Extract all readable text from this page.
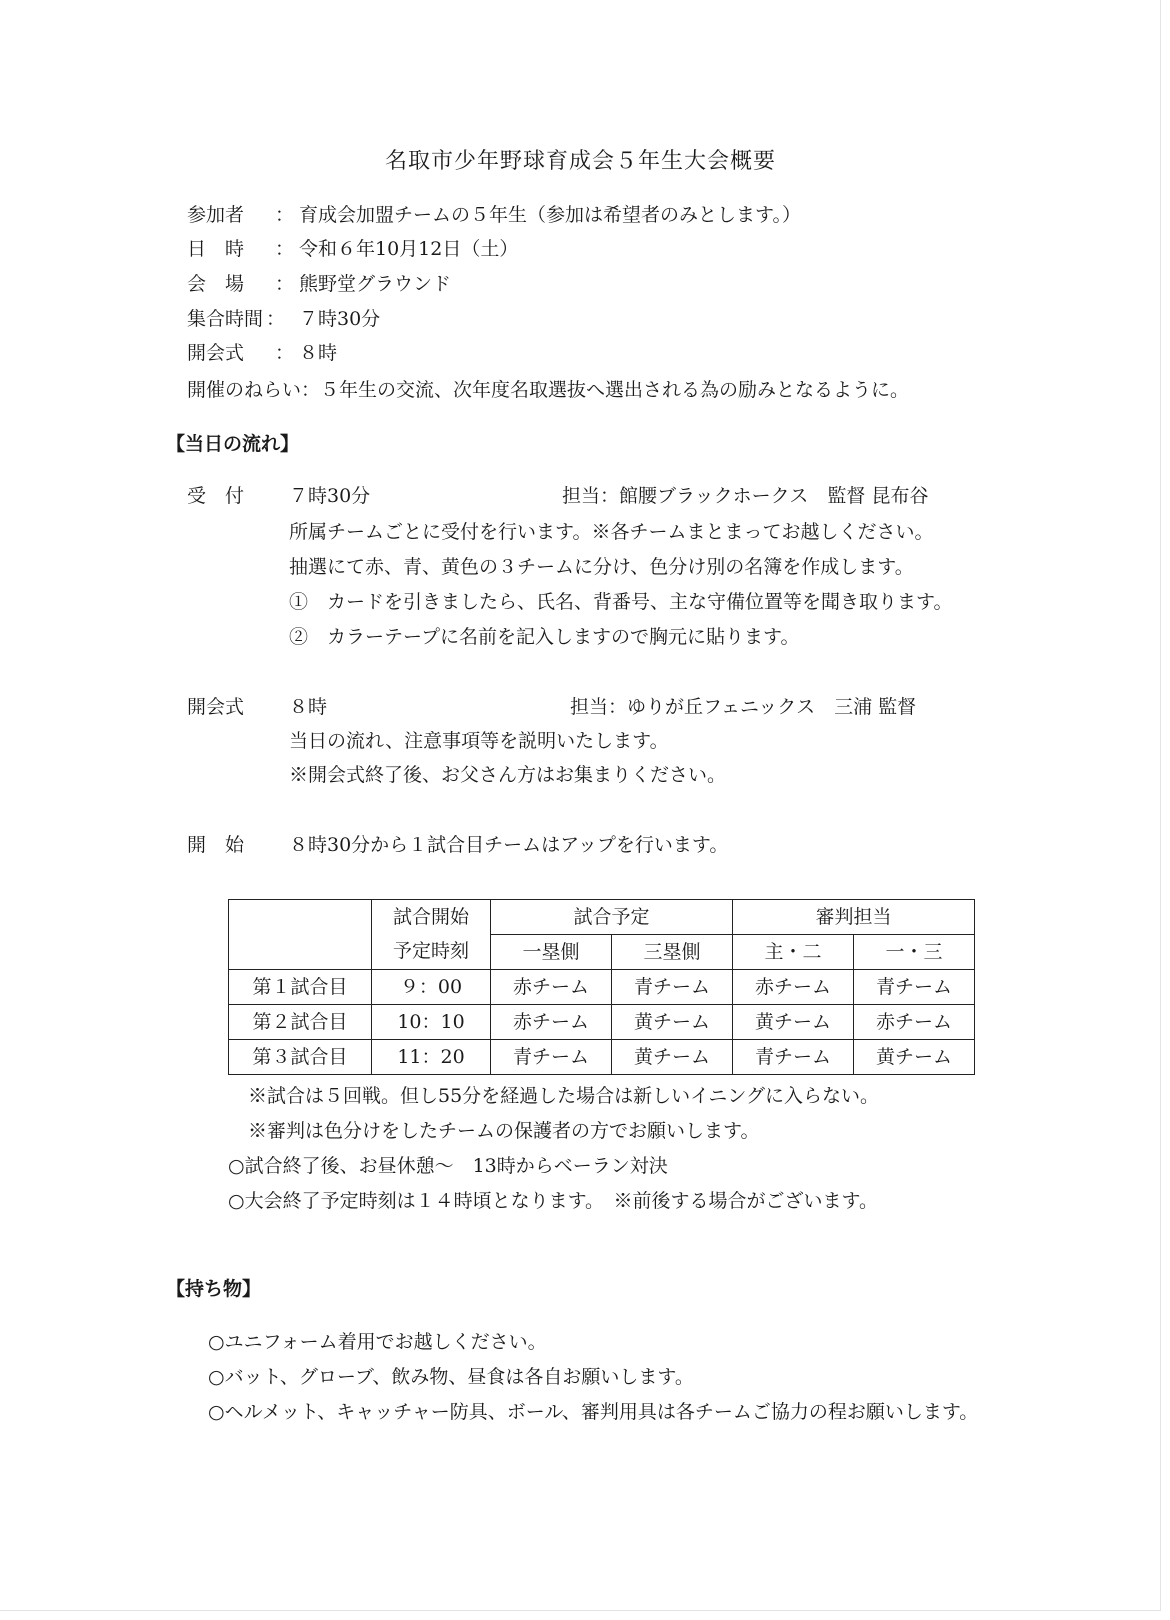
名取市少年野球育成会５年生大会概要
参加者 ： 育成会加盟チームの５年生（参加は希望者のみとします。）
日　時 ： 令和６年10月12日（土）
会　場 ： 熊野堂グラウンド
集合時間 ： ７時30分
開会式 ： ８時
開催のねらい：５年生の交流、次年度名取選抜へ選出される為の励みとなるように。
【当日の流れ】
受　付 ７時30分	担当：館腰ブラックホークス　監督 昆布谷
所属チームごとに受付を行います。※各チームまとまってお越しください。
抽選にて赤、青、黄色の３チームに分け、色分け別の名簿を作成します。
①　カードを引きましたら、氏名、背番号、主な守備位置等を聞き取ります。
②　カラーテープに名前を記入しますので胸元に貼ります。
開会式 ８時	担当：ゆりが丘フェニックス　三浦 監督
当日の流れ、注意事項等を説明いたします。
※開会式終了後、お父さん方はお集まりください。
開　始 ８時30分から１試合目チームはアップを行います。
	試合開始	試合予定		審判担当	
	予定時刻	一塁側	三塁側	主・二	一・三
第１試合目	９：00	赤チーム	青チーム	赤チーム	青チーム
第２試合目	10：10	赤チーム	黄チーム	黄チーム	赤チーム
第３試合目	11：20	青チーム	黄チーム	青チーム	黄チーム
※試合は５回戦。但し55分を経過した場合は新しいイニングに入らない。
※審判は色分けをしたチームの保護者の方でお願いします。
○試合終了後、お昼休憩～　13時からベーラン対決
○大会終了予定時刻は１４時頃となります。　※前後する場合がございます。
【持ち物】
○ユニフォーム着用でお越しください。
○バット、グローブ、飲み物、昼食は各自お願いします。
○ヘルメット、キャッチャー防具、ボール、審判用具は各チームご協力の程お願いします。
